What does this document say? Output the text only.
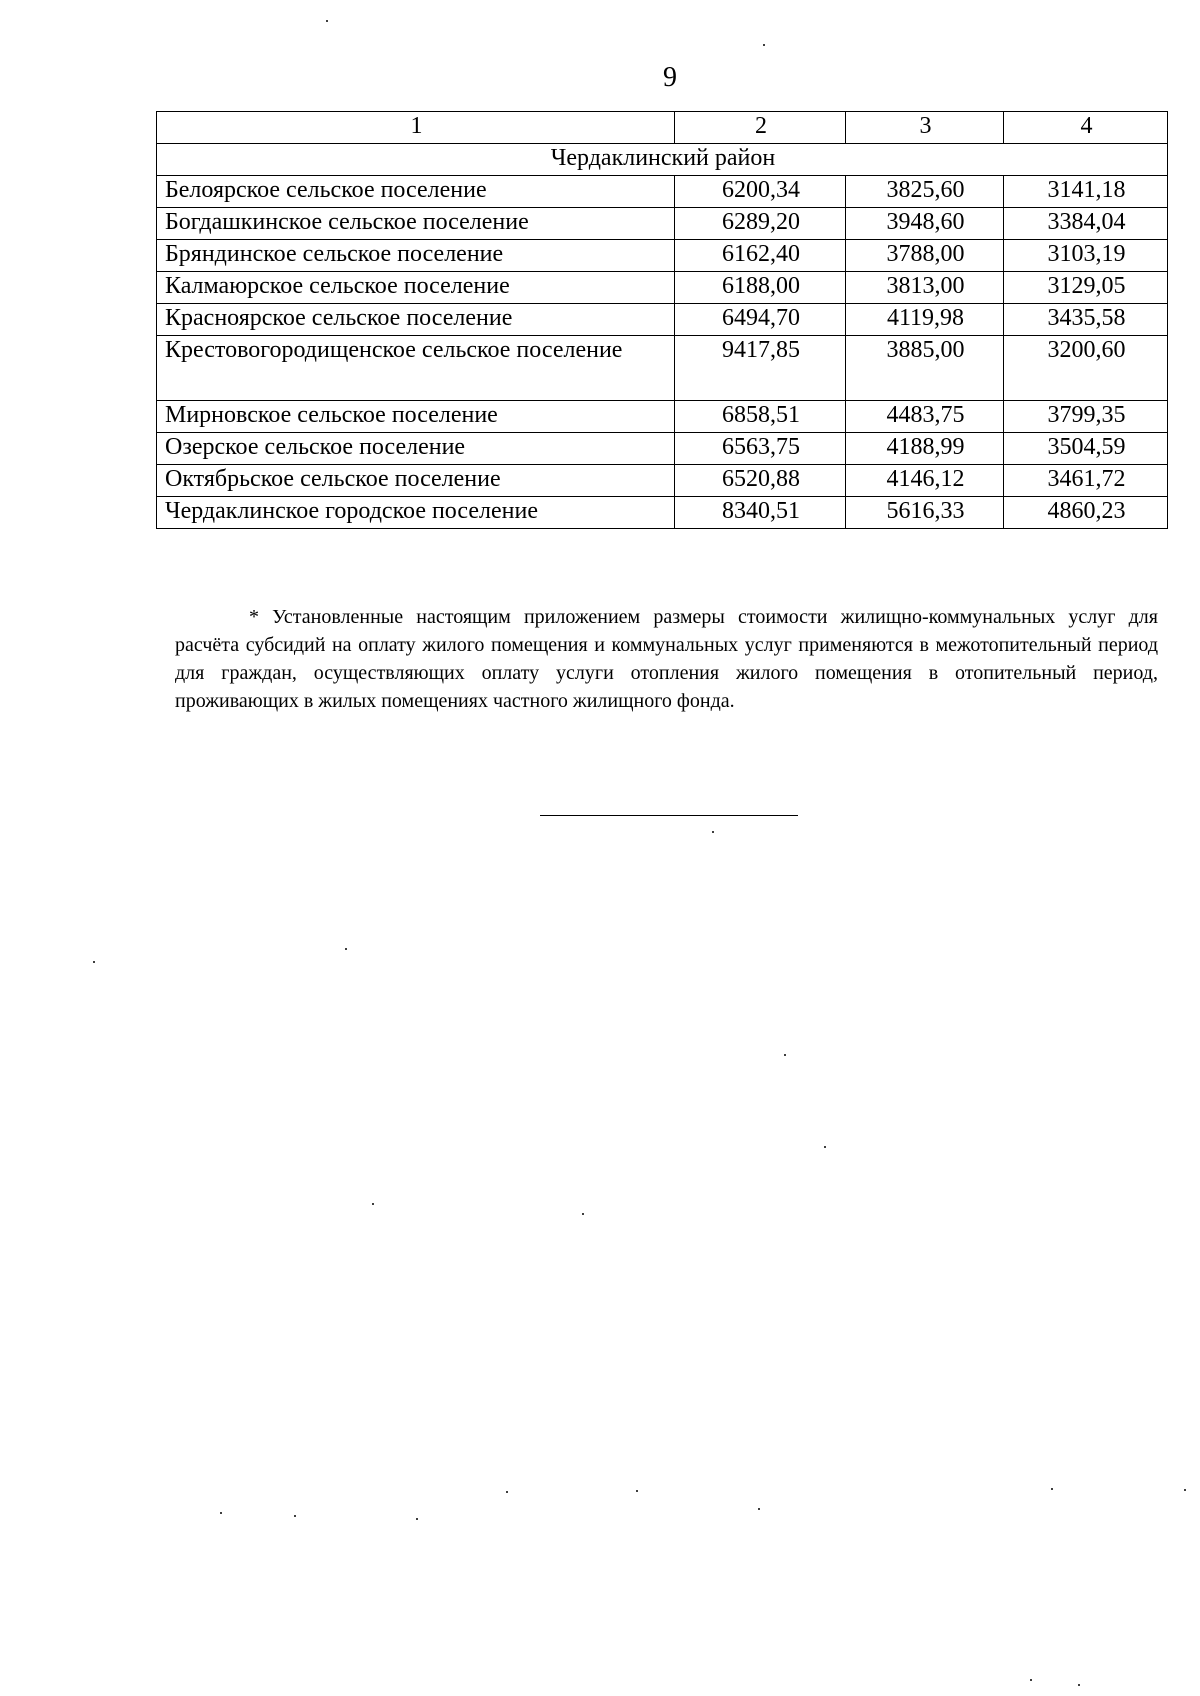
9
1	2	3	4
Чердаклинский район			
Белоярское сельское поселение	6200,34	3825,60	3141,18
Богдашкинское сельское поселение	6289,20	3948,60	3384,04
Бряндинское сельское поселение	6162,40	3788,00	3103,19
Калмаюрское сельское поселение	6188,00	3813,00	3129,05
Красноярское сельское поселение	6494,70	4119,98	3435,58
Крестовогородищенское сельское поселение	9417,85	3885,00	3200,60
Мирновское сельское поселение	6858,51	4483,75	3799,35
Озерское сельское поселение	6563,75	4188,99	3504,59
Октябрьское сельское поселение	6520,88	4146,12	3461,72
Чердаклинское городское поселение	8340,51	5616,33	4860,23

* Установленные настоящим приложением размеры стоимости жилищно-коммунальных услуг для расчёта субсидий на оплату жилого помещения и коммунальных услуг применяются в межотопительный период для граждан, осуществляющих оплату услуги отопления жилого помещения в отопительный период, проживающих в жилых помещениях частного жилищного фонда.
